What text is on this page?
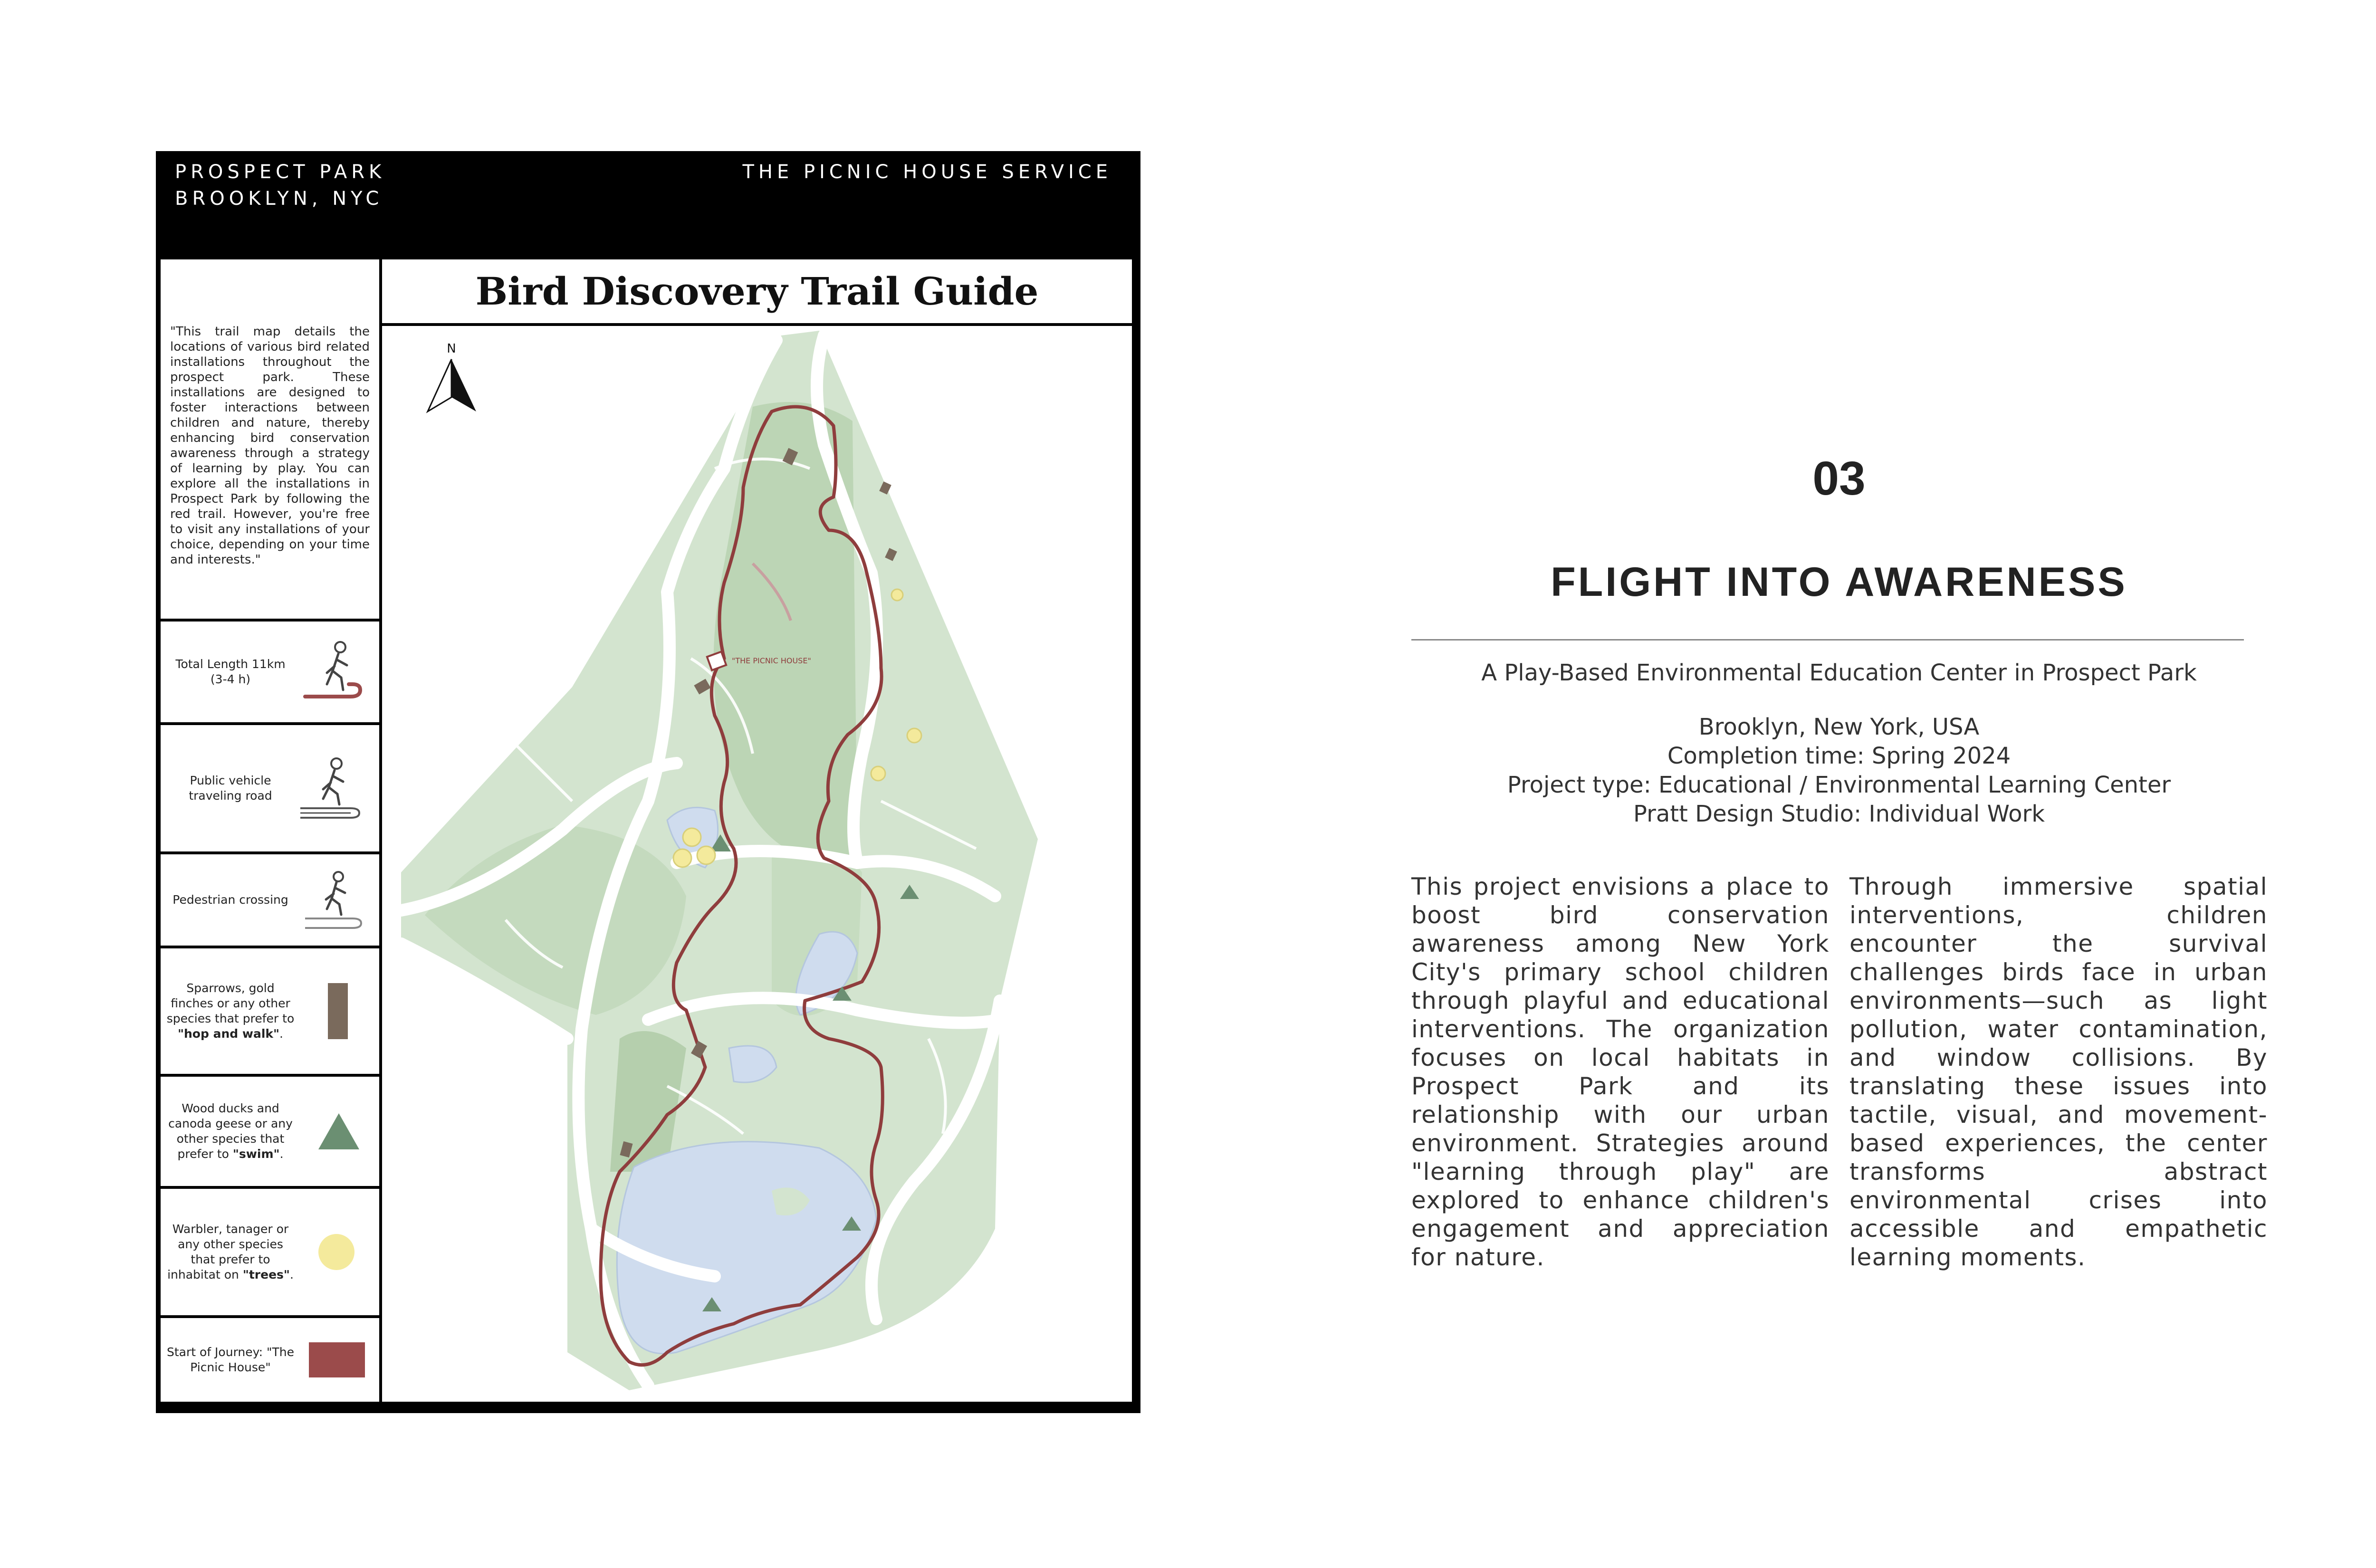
PROSPECT PARK
BROOKLYN, NYC
THE PICNIC HOUSE SERVICE
"This trail map details the locations of various bird related installations throughout the prospect park. These installations are designed to foster interactions between children and nature, thereby enhancing bird conservation awareness through a strategy of learning by play. You can explore all the installations in Prospect Park by following the red trail. However, you're free to visit any installations of your choice, depending on your time and interests."
Total Length 11km (3-4 h)
Public vehicle traveling road
Pedestrian crossing
Sparrows, gold finches or any other species that prefer to "hop and walk".
Wood ducks and canoda geese or any other species that prefer to "swim".
Warbler, tanager or any other species that prefer to inhabitat on "trees".
Start of Journey: "The Picnic House"
Bird Discovery Trail Guide
"THE PICNIC HOUSE"
N
03
FLIGHT INTO AWARENESS
A Play-Based Environmental Education Center in Prospect Park
Brooklyn, New York, USA
Completion time: Spring 2024
Project type: Educational / Environmental Learning Center
Pratt Design Studio: Individual Work
This project envisions a place to boost bird conservation awareness among New York City's primary school children through playful and educational interventions. The organization focuses on local habitats in Prospect Park and its relationship with our urban environment. Strategies around "learning through play" are explored to enhance children's engagement and appreciation for nature.
Through immersive spatial interventions, children encounter the survival challenges birds face in urban environments—such as light pollution, water contamination, and window collisions. By translating these issues into tactile, visual, and movement-based experiences, the center transforms abstract environmental crises into accessible and empathetic learning moments.
